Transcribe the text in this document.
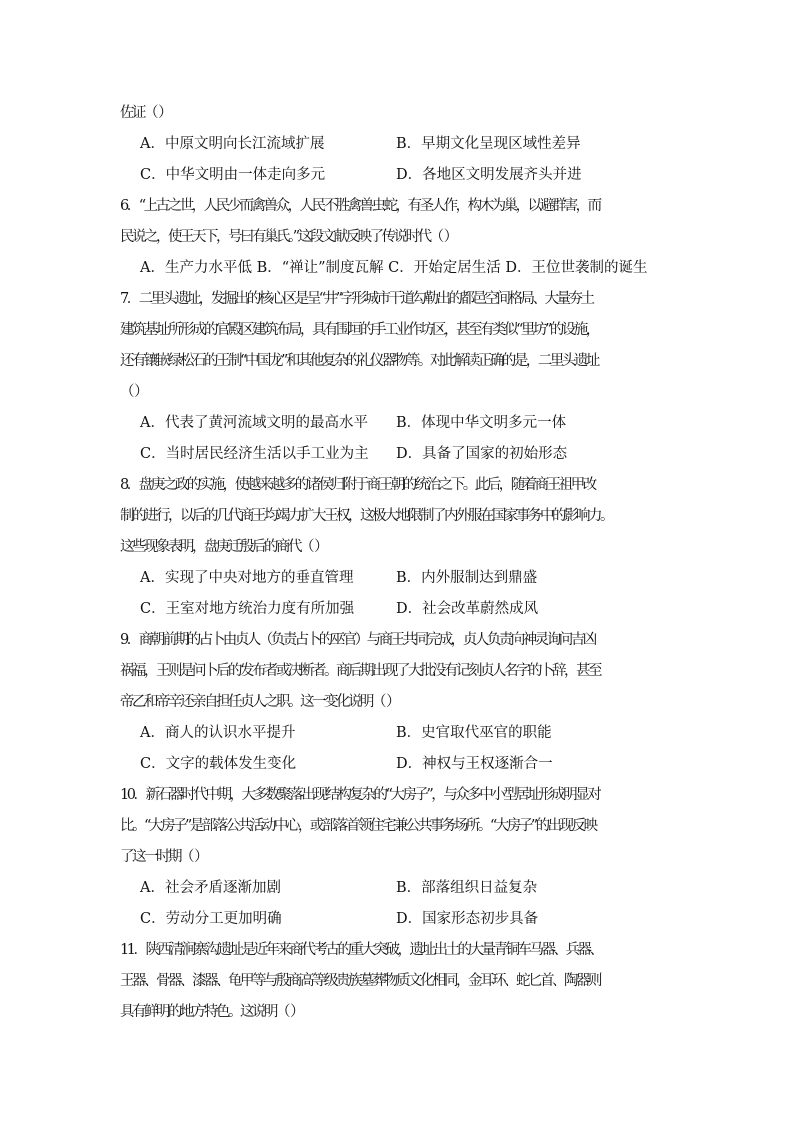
佐证（ ）
A．中原文明向长江流域扩展	B．早期文化呈现区域性差异
C．中华文明由一体走向多元	D．各地区文明发展齐头并进
6．“上古之世，人民少而禽兽众，人民不胜禽兽虫蛇，有圣人作，构木为巢，以避群害，而
民说之，使王天下，号曰有巢氏。”这段文献反映了传说时代（ ）
A．生产力水平低 B．“禅让”制度瓦解 C．开始定居生活 D．王位世袭制的诞生
7．二里头遗址，发掘出的核心区是呈“井”字形城市干道勾勒出的都邑空间格局、大量夯土
建筑基址所形成的官殿区建筑布局，具有围垣的手工业作坊区，甚至有类似“里坊”的设施，
还有镶嵌绿松石的王制“中国龙”和其他复杂的礼仪器物等。对此解读正确的是，二里头遗址
（ ）
A．代表了黄河流域文明的最高水平 B．体现中华文明多元一体
C．当时居民经济生活以手工业为主 D．具备了国家的初始形态
8．盘庚之政的实施，使越来越多的诸侯归附于商王朝的统治之下。此后，随着商王祖甲改
制的进行，以后的几代商王均竭力扩大王权，这极大地限制了内外服在国家事务中的影响力。
这些现象表明，盘庚迁殷后的商代（ ）
A．实现了中央对地方的垂直管理	B．内外服制达到鼎盛
C．王室对地方统治力度有所加强	D．社会改革蔚然成风
9．商朝前期的占卜由贞人（负责占卜的巫官）与商王共同完成，贞人负责向神灵询问吉凶
祸福，王则是问卜后的发布者或决断者。商后期出现了大批没有记刻贞人名字的卜辞，甚至
帝乙和帝辛还亲自担任贞人之职。这一变化说明（ ）
A．商人的认识水平提升	B．史官取代巫官的职能
C．文字的载体发生变化	D．神权与王权逐渐合一
10．新石器时代中期，大多数聚落出现结构复杂的“大房子”，与众多中小型居址形成明显对
比。“大房子”是部落公共活动中心，或部落首领住宅兼公共事务场所。“大房子”的出现反映
了这一时期（ ）
A．社会矛盾逐渐加剧	B．部落组织日益复杂
C．劳动分工更加明确	D．国家形态初步具备
11．陕西清涧寨沟遗址是近年来商代考古的重大突破，遗址出土的大量青铜车马器、兵器、
王器、骨器、漆器、龟甲等与殷商高等级贵族墓葬物质文化相同，金耳环、蛇匕首、陶器则
具有鲜明的地方特色。这说明（ ）
